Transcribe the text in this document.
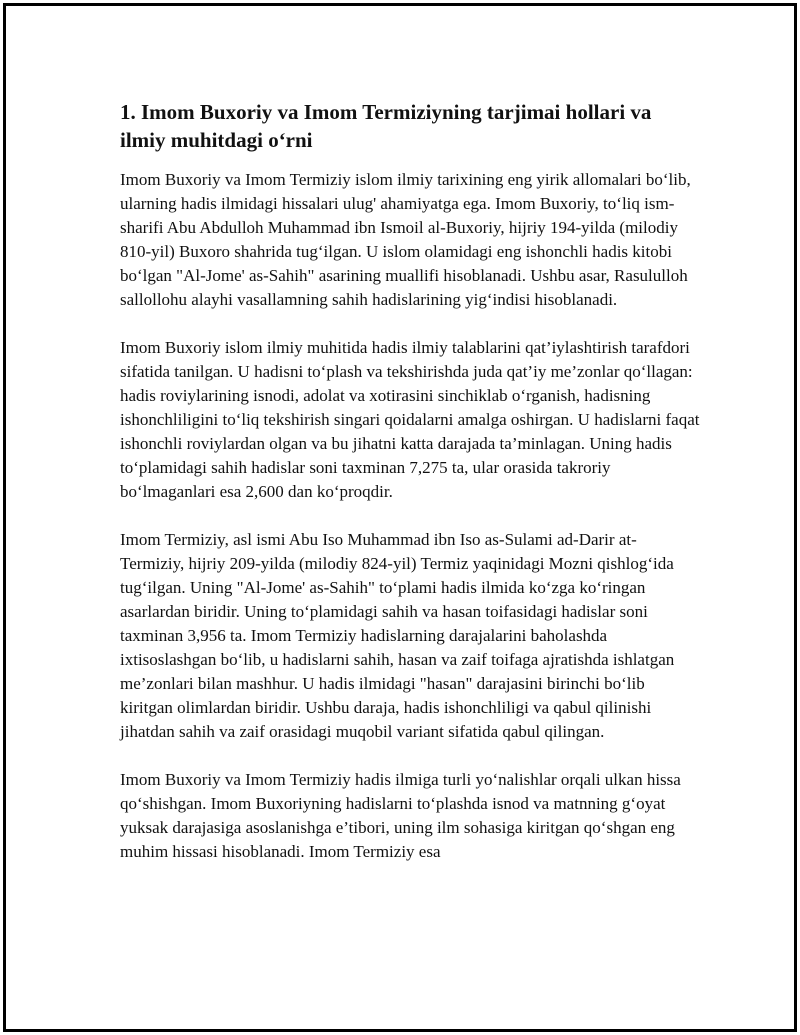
1. Imom Buxoriy va Imom Termiziyning tarjimai hollari va ilmiy muhitdagi o‘rni

Imom Buxoriy va Imom Termiziy islom ilmiy tarixining eng yirik allomalari bo‘lib, ularning hadis ilmidagi hissalari ulug' ahamiyatga ega. Imom Buxoriy, to‘liq ism-sharifi Abu Abdulloh Muhammad ibn Ismoil al-Buxoriy, hijriy 194-yilda (milodiy 810-yil) Buxoro shahrida tug‘ilgan. U islom olamidagi eng ishonchli hadis kitobi bo‘lgan "Al-Jome' as-Sahih" asarining muallifi hisoblanadi. Ushbu asar, Rasululloh sallollohu alayhi vasallamning sahih hadislarining yig‘indisi hisoblanadi.

Imom Buxoriy islom ilmiy muhitida hadis ilmiy talablarini qat’iylashtirish tarafdori sifatida tanilgan. U hadisni to‘plash va tekshirishda juda qat’iy me’zonlar qo‘llagan: hadis roviylarining isnodi, adolat va xotirasini sinchiklab o‘rganish, hadisning ishonchliligini to‘liq tekshirish singari qoidalarni amalga oshirgan. U hadislarni faqat ishonchli roviylardan olgan va bu jihatni katta darajada ta’minlagan. Uning hadis to‘plamidagi sahih hadislar soni taxminan 7,275 ta, ular orasida takroriy bo‘lmaganlari esa 2,600 dan ko‘proqdir.

Imom Termiziy, asl ismi Abu Iso Muhammad ibn Iso as-Sulami ad-Darir at-Termiziy, hijriy 209-yilda (milodiy 824-yil) Termiz yaqinidagi Mozni qishlog‘ida tug‘ilgan. Uning "Al-Jome' as-Sahih" to‘plami hadis ilmida ko‘zga ko‘ringan asarlardan biridir. Uning to‘plamidagi sahih va hasan toifasidagi hadislar soni taxminan 3,956 ta. Imom Termiziy hadislarning darajalarini baholashda ixtisoslashgan bo‘lib, u hadislarni sahih, hasan va zaif toifaga ajratishda ishlatgan me’zonlari bilan mashhur. U hadis ilmidagi "hasan" darajasini birinchi bo‘lib kiritgan olimlardan biridir. Ushbu daraja, hadis ishonchliligi va qabul qilinishi jihatdan sahih va zaif orasidagi muqobil variant sifatida qabul qilingan.

Imom Buxoriy va Imom Termiziy hadis ilmiga turli yo‘nalishlar orqali ulkan hissa qo‘shishgan. Imom Buxoriyning hadislarni to‘plashda isnod va matnning g‘oyat yuksak darajasiga asoslanishga e’tibori, uning ilm sohasiga kiritgan qo‘shgan eng muhim hissasi hisoblanadi. Imom Termiziy esa
